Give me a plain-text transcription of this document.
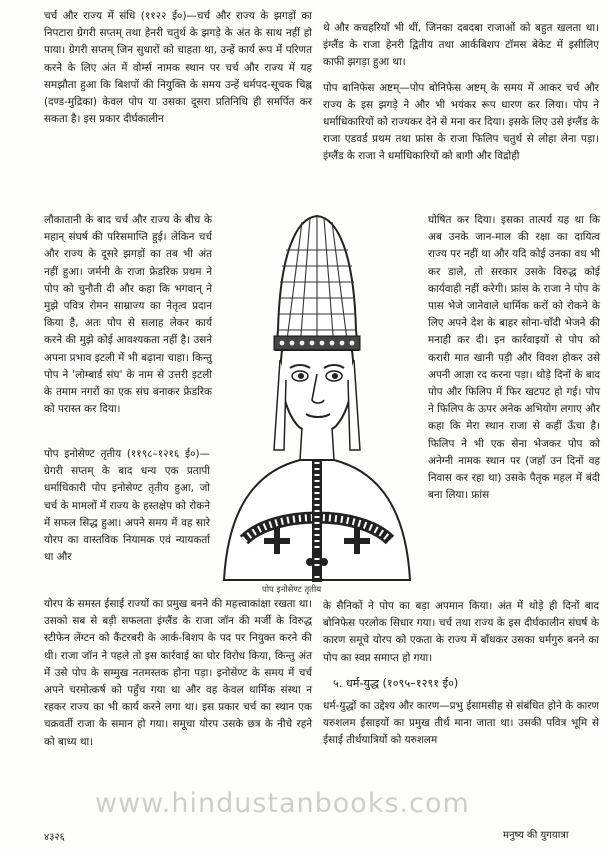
चर्च और राज्य में संधि (११२२ ई०)—चर्च और राज्य के झगड़ों का निपटारा ग्रेगरी सप्तम् तथा हेनरी चतुर्थ के झगड़े के अंत के साथ नहीं हो पाया। ग्रेगरी सप्तम् जिन सुधारों को चाहता था, उन्हें कार्य रूप में परिणत करने के लिए अंत में वोर्म्स नामक स्थान पर चर्च और राज्य में यह समझौता हुआ कि बिशपों की नियुक्ति के समय उन्हें धर्मपद-सूचक चिह्न (दण्ड-मुद्रिका) केवल पोप या उसका दूसरा प्रतिनिधि ही समर्पित कर सकता है। इस प्रकार दीर्घकालीन

लौकातानी के बाद चर्च और राज्य के बीच के महान् संघर्ष की परिसमाप्ति हुई। लेकिन चर्च और राज्य के दूसरे झगड़ों का तब भी अंत नहीं हुआ। जर्मनी के राजा फ्रेडरिक प्रथम ने पोप को चुनौती दी और कहा कि भगवान् ने मुझे पवित्र रोमन साम्राज्य का नेतृत्व प्रदान किया है, अतः पोप से सलाह लेकर कार्य करने की मुझे कोई आवश्यकता नहीं है। उसने अपना प्रभाव इटली में भी बढ़ाना चाहा। किन्तु पोप ने 'लोम्बार्ड संघ' के नाम से उत्तरी इटली के तमाम नगरों का एक संघ बनाकर फ्रेडरिक को परास्त कर दिया।

पोप इनोसेण्ट तृतीय (११९८–१२१६ ई०)—ग्रेगरी सप्तम् के बाद धन्य एक प्रतापी धर्माधिकारी पोप इनोसेण्ट तृतीय हुआ, जो चर्च के मामलों में राज्य के हस्तक्षेप को रोकने में सफल सिद्ध हुआ। अपने समय में वह सारे योरप का वास्तविक नियामक एवं न्यायकर्ता था और

योरप के समस्त ईसाई राज्यों का प्रमुख बनने की महत्त्वाकांक्षा रखता था। उसको सब से बड़ी सफलता इंग्लैंड के राजा जॉन की मर्जी के विरुद्ध स्टीफेन लेंग्टन को कैंटरबरी के आर्क-बिशप के पद पर नियुक्त करने की थी। राजा जॉन ने पहले तो इस कार्रवाई का घोर विरोध किया, किन्तु अंत में उसे पोप के सम्मुख नतमस्तक होना पड़ा। इनोसेण्ट के समय में चर्च अपने चरमोत्कर्ष को पहुँच गया था और वह केवल धार्मिक संस्था न रहकर राज्य का भी कार्य करने लगा था। इस प्रकार चर्च का स्थान एक चक्रवर्ती राजा के समान हो गया। समूचा योरप उसके छत्र के नीचे रहने को बाध्य था।

थे और कचहरियाँ भी थीं, जिनका दबदबा राजाओं को बहुत खलता था। इंग्लैंड के राजा हेनरी द्वितीय तथा आर्कबिशप टॉमस बेकेट में इसीलिए काफी झगड़ा हुआ था।

पोप बानिफेस अष्टम्—पोप बोनिफेस अष्टम् के समय में आकर चर्च और राज्य के इस झगड़े ने और भी भयंकर रूप धारण कर लिया। पोप ने धर्माधिकारियों को राज्यकर देने से मना कर दिया। इसके लिए उसे इंग्लैंड के राजा एडवर्ड प्रथम तथा फ्रांस के राजा फिलिप चतुर्थ से लोहा लेना पड़ा। इंग्लैंड के राजा ने धर्माधिकारियों को बागी और विद्रोही

घोषित कर दिया। इसका तात्पर्य यह था कि अब उनके जान-माल की रक्षा का दायित्व राज्य पर नहीं था और यदि कोई उनका वध भी कर डाले, तो सरकार उसके विरुद्ध कोई कार्यवाही नहीं करेगी। फ्रांस के राजा ने पोप के पास भेजे जानेवाले धार्मिक करों को रोकने के लिए अपने देश के बाहर सोना-चाँदी भेजने की मनाही कर दी। इन कार्रवाइयों से पोप को करारी मात खानी पड़ी और विवश होकर उसे अपनी आज्ञा रद करना पड़ा। थोड़े दिनों के बाद पोप और फिलिप में फिर खटपट हो गई। पोप ने फिलिप के ऊपर अनेक अभियोग लगाए और कहा कि मेरा स्थान राजा से कहीं ऊँचा है। फिलिप ने भी एक सेना भेजकर पोप को अनेग्नी नामक स्थान पर (जहाँ उन दिनों वह निवास कर रहा था) उसके पैतृक महल में बंदी बना लिया। फ्रांस

के सैनिकों ने पोप का बड़ा अपमान किया। अंत में थोड़े ही दिनों बाद बोनिफेस परलोक सिधार गया। चर्च तथा राज्य के इस दीर्घकालीन संघर्ष के कारण समूचे योरप को एकता के राज्य में बाँधकर उसका धर्मगुरु बनने का पोप का स्वप्न समाप्त हो गया।

५. धर्म-युद्ध (१०९५–१२९१ ई०)

धर्म-युद्धों का उद्देश्य और कारण—प्रभु ईसामसीह से संबंधित होने के कारण यरुशलम ईसाइयों का प्रमुख तीर्थ माना जाता था। उसकी पवित्र भूमि से ईसाई तीर्थयात्रियों को यरुशलम

पोप इनोसेण्ट तृतीय
www.hindustanbooks.com
४३२६	मनुष्य की युगयात्रा
